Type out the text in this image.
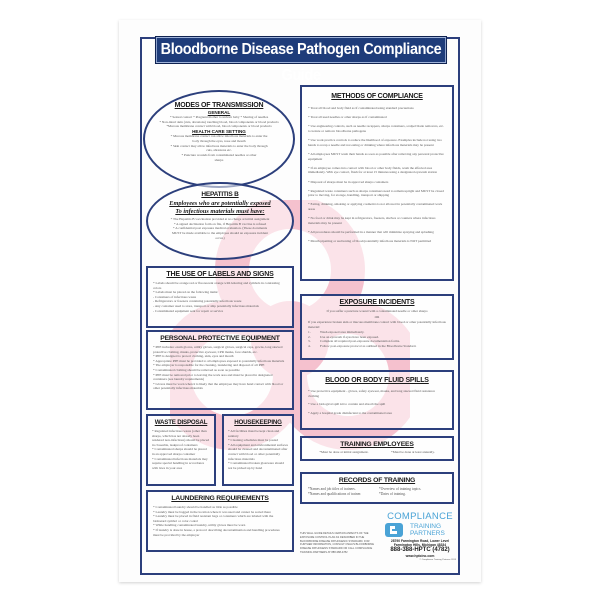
Bloodborne Disease Pathogen Compliance Guide
MODES OF TRANSMISSION
GENERAL
* Sexual contact * Pregnant mother to unborn baby * Sharing of needles
* Non-intact skin (cuts, abrasions) touching blood, blood components or blood products
*Mucous membrane contact with blood, blood components or blood products
HEALTH CARE SETTING
* Mucous membrane contact can allow infectious materials to enter the body through the eyes, nose and mouth
* Skin contact may allow infectious materials to enter the body through cuts, abrasions etc.
* Puncture wounds from contaminated needles or other sharps
HEPATITIS B
Employees who are potentially exposed
To infectious materials must have:
* The Hepatitis B vaccination provided at no charge at initial assignment
* A signed declination form on file, if Hepatitis B vaccine is refused
* A confidential post exposure medical evaluation. (These documents MUST be made available to the employee should an exposure incident occur.)
THE USE OF LABELS AND SIGNS
* Labels should be orange red or fluorescent orange with lettering and symbols in contrasting colors
* Labels must be placed on the following items:
- Containers of infectious waste
- Refrigerators or freezers containing potentially infectious waste
- Any container used to store, transport or ship potentially infectious materials
- Contaminated equipment sent for repair or service
PERSONAL PROTECTIVE EQUIPMENT
* PPE includes: exam gloves, utility gloves, surgical gloves, surgical caps, gowns, long sleeved protective clothing, masks, protective eyewear, CPR masks, face shields, etc.
* PPE is designed to protect clothing, skin, eyes and mouth
* Appropriate PPE must be provided to all employees exposed to potentially infectious materials
* The employer is responsible for the cleaning, laundering and disposal of all PPE
* Contaminated clothing should be removed as soon as possible
* PPE must be removed prior to leaving the work area and must be placed in designated containers (see laundry requirements)
* Gloves must be worn when it is likely that the employee may have hand contact with blood or other potentially infectious materials
WASTE DISPOSAL
* Regulated infectious waste (other than sharps, which has not already been rendered non-infectious) should be placed in closeable, leakproof containers
* Contaminated sharps should be placed in an approved sharps container
* Contaminated infectious materials may require special handling in accordance with laws in your area
HOUSEKEEPING
* All facilities must be kept clean and sanitary
* Cleaning schedules must be posted
* All equipment and environmental surfaces should be cleaned and decontaminated after contact with blood or other potentially infectious materials
* Contaminated broken glassware should not be picked up by hand
LAUNDERING REQUIREMENTS
* Contaminated laundry should be handled as little as possible
* Laundry must be bagged in the location where it was used and cannot be sorted there
* Laundry must be placed in fluid resistant bags or containers which are labeled with the biohazard symbol or color coded
* While handling contaminated laundry, utility gloves must be worn
* If laundry is done in house, a protocol describing decontamination and handling procedures must be provided by the employer
METHODS OF COMPLIANCE
* Treat all blood and body fluid as if contaminated using standard precautions
* Treat all used needles or other sharps as if contaminated
* Use engineering controls, such as needle recappers, sharps containers, scalpel blade removers, etc. to isolate or remove bloodborne pathogens
* Use work practice controls to reduce the likelihood of exposure. Examples include not using two hands to recap a needle and not eating or drinking where infectious materials may be present
* All employees MUST wash their hands as soon as possible after removing any personal protective equipment
* If an employee comes into contact with blood or other body fluids, wash the affected area immediately. With eye contact, flush for at least 15 minutes using a designated eyewash station
* Disposal of sharps must be in approved sharps containers
* Regulated waste containers such as sharps containers need to remain upright and MUST be closed prior to moving, for storage, handling, transport or shipping
* Eating, drinking, smoking or applying cosmetics is not allowed in potentially contaminated work areas
* No food or drink may be kept in refrigerators, freezers, shelves or counters where infectious materials may be present
* All procedures should be performed in a manner that will minimize spraying and splashing
* Mouth pipetting or suctioning of blood/potentially infectious materials is NOT permitted
EXPOSURE INCIDENTS
If you suffer a puncture wound with a contaminated needle or other sharps
OR
If you experience broken skin or mucous membrane contact with blood or other potentially infectious material:
1.	Wash exposed area immediately.
2.	Use an eyewash if eyes have been exposed.
3.	Complete all required post-exposure documentation forms.
4.	Follow post-exposure protocol as outlined in the Bloodborne Standard.
BLOOD OR BODY FLUID SPILLS
* Use protective equipment - gloves, safety eyewear, masks, and long sleeved fluid resistance clothing
* Use a biological spill kit to contain and absorb the spill
* Apply a hospital grade disinfectant to the contaminated area
TRAINING EMPLOYEES
*Must be done at initial assignment.	*Must be done at least annually.
RECORDS OF TRAINING
*Names and job titles of trainers.	*Overview of training topics.
*Names and qualifications of trainer.	*Dates of training.
THIS WALL GUIDE DETAILS CERTAIN ASPECTS OF THE EXPOSURE CONTROL PLAN AS DESCRIBED IN THE BLOODBORNE DISEASE PATHOGENIC STANDARD. FOR FURTHER INFORMATION, CONSULT OSHA'S BLOODBORNE DISEASE PATHOGENS STANDARD OR CALL COMPLIANCE TRAINING PARTNERS AT 888-388-4782
COMPLIANCE
TRAINING
PARTNERS
28790 Farmington Road, Lower Level
Farmington Hills, Michigan 48334
888-388-HPTC (4782)
www.hptcinc.com
© Compliance Training Partners 2013
